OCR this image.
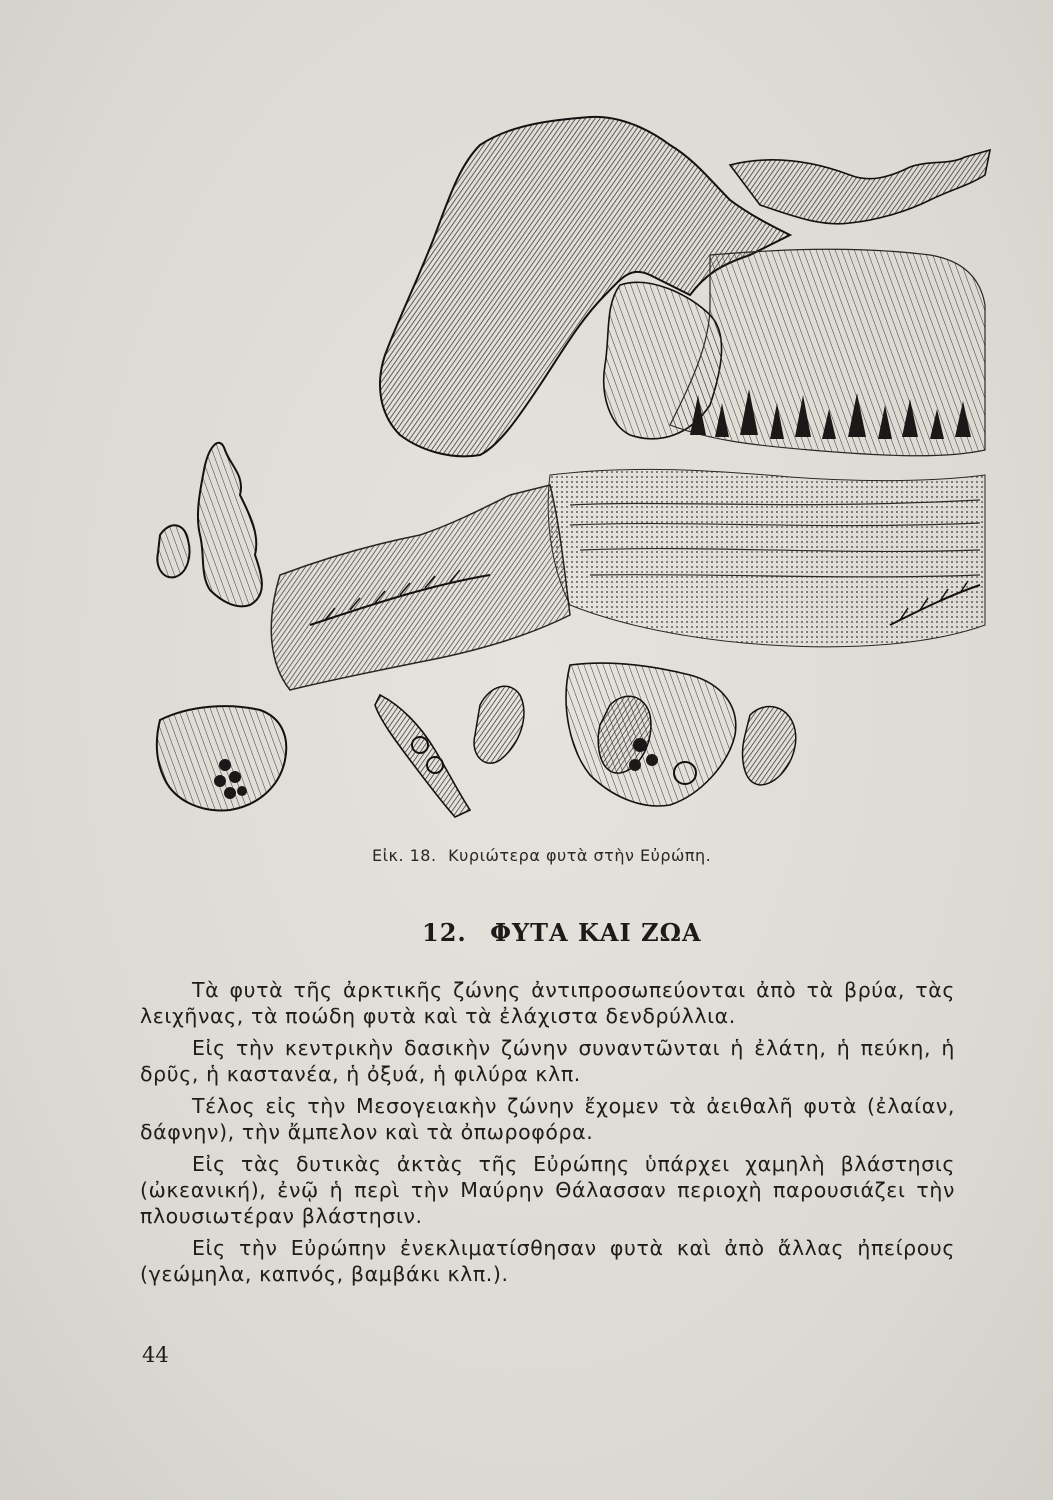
Εἰκ. 18. Κυριώτερα φυτὰ στὴν Εὐρώπη.
12. ΦΥΤΑ ΚΑΙ ΖΩΑ

Τὰ φυτὰ τῆς ἀρκτικῆς ζώνης ἀντιπροσωπεύονται ἀπὸ τὰ βρύα, τὰς λειχῆνας, τὰ ποώδη φυτὰ καὶ τὰ ἐλάχιστα δενδρύλλια.

Εἰς τὴν κεντρικὴν δασικὴν ζώνην συναντῶνται ἡ ἐλάτη, ἡ πεύκη, ἡ δρῦς, ἡ καστανέα, ἡ ὀξυά, ἡ φιλύρα κλπ.

Τέλος εἰς τὴν Μεσογειακὴν ζώνην ἔχομεν τὰ ἀειθαλῆ φυτὰ (ἐλαίαν, δάφνην), τὴν ἄμπελον καὶ τὰ ὀπωροφόρα.

Εἰς τὰς δυτικὰς ἀκτὰς τῆς Εὐρώπης ὑπάρχει χαμηλὴ βλάστησις (ὠκεανική), ἐνῷ ἡ περὶ τὴν Μαύρην Θάλασσαν περιοχὴ παρουσιάζει τὴν πλουσιωτέραν βλάστησιν.

Εἰς τὴν Εὐρώπην ἐνεκλιματίσθησαν φυτὰ καὶ ἀπὸ ἄλλας ἠπείρους (γεώμηλα, καπνός, βαμβάκι κλπ.).

44
